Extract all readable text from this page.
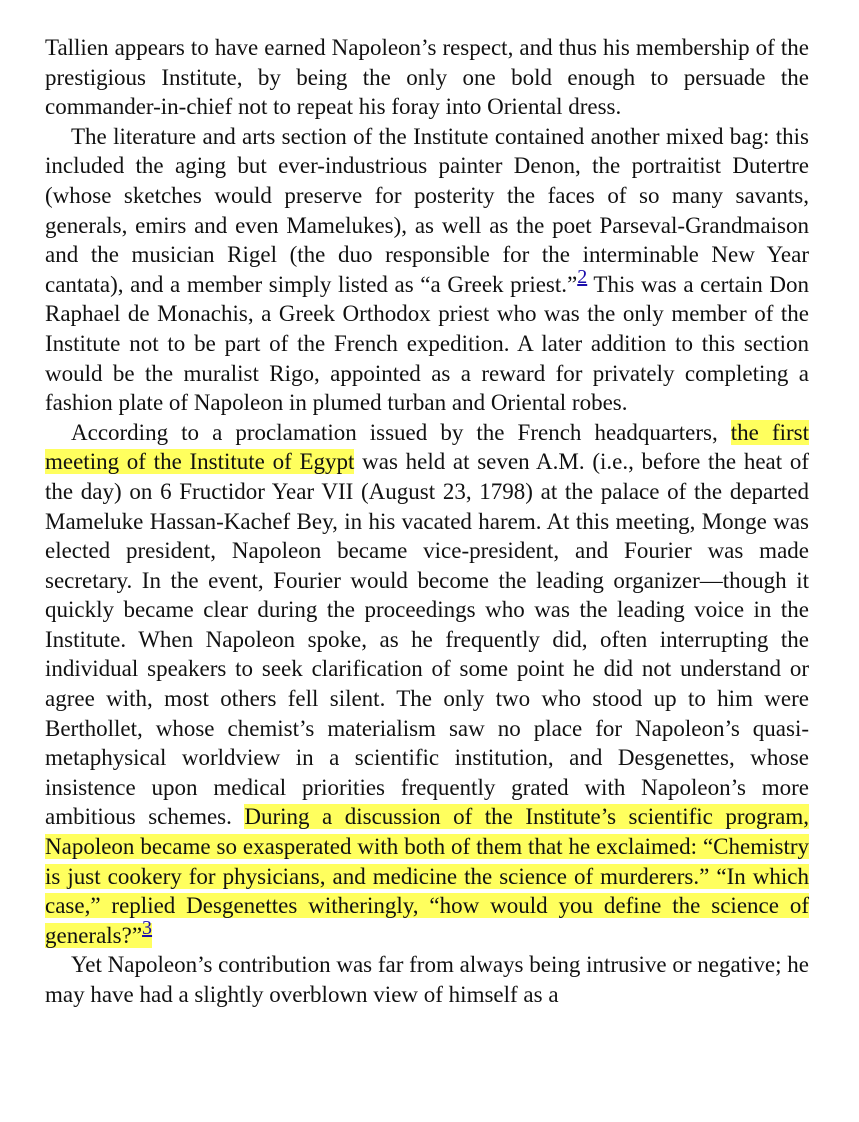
Tallien appears to have earned Napoleon’s respect, and thus his membership of the prestigious Institute, by being the only one bold enough to persuade the commander-in-chief not to repeat his foray into Oriental dress.

The literature and arts section of the Institute contained another mixed bag: this included the aging but ever-industrious painter Denon, the portraitist Dutertre (whose sketches would preserve for posterity the faces of so many savants, generals, emirs and even Mamelukes), as well as the poet Parseval-Grandmaison and the musician Rigel (the duo responsible for the interminable New Year cantata), and a member simply listed as “a Greek priest.”2 This was a certain Don Raphael de Monachis, a Greek Orthodox priest who was the only member of the Institute not to be part of the French expedition. A later addition to this section would be the muralist Rigo, appointed as a reward for privately completing a fashion plate of Napoleon in plumed turban and Oriental robes.

According to a proclamation issued by the French headquarters, the first meeting of the Institute of Egypt was held at seven A.M. (i.e., before the heat of the day) on 6 Fructidor Year VII (August 23, 1798) at the palace of the departed Mameluke Hassan-Kachef Bey, in his vacated harem. At this meeting, Monge was elected president, Napoleon became vice-president, and Fourier was made secretary. In the event, Fourier would become the leading organizer—though it quickly became clear during the proceedings who was the leading voice in the Institute. When Napoleon spoke, as he frequently did, often interrupting the individual speakers to seek clarification of some point he did not understand or agree with, most others fell silent. The only two who stood up to him were Berthollet, whose chemist’s materialism saw no place for Napoleon’s quasi-metaphysical worldview in a scientific institution, and Desgenettes, whose insistence upon medical priorities frequently grated with Napoleon’s more ambitious schemes. During a discussion of the Institute’s scientific program, Napoleon became so exasperated with both of them that he exclaimed: “Chemistry is just cookery for physicians, and medicine the science of murderers.” “In which case,” replied Desgenettes witheringly, “how would you define the science of generals?”3

Yet Napoleon’s contribution was far from always being intrusive or negative; he may have had a slightly overblown view of himself as a
